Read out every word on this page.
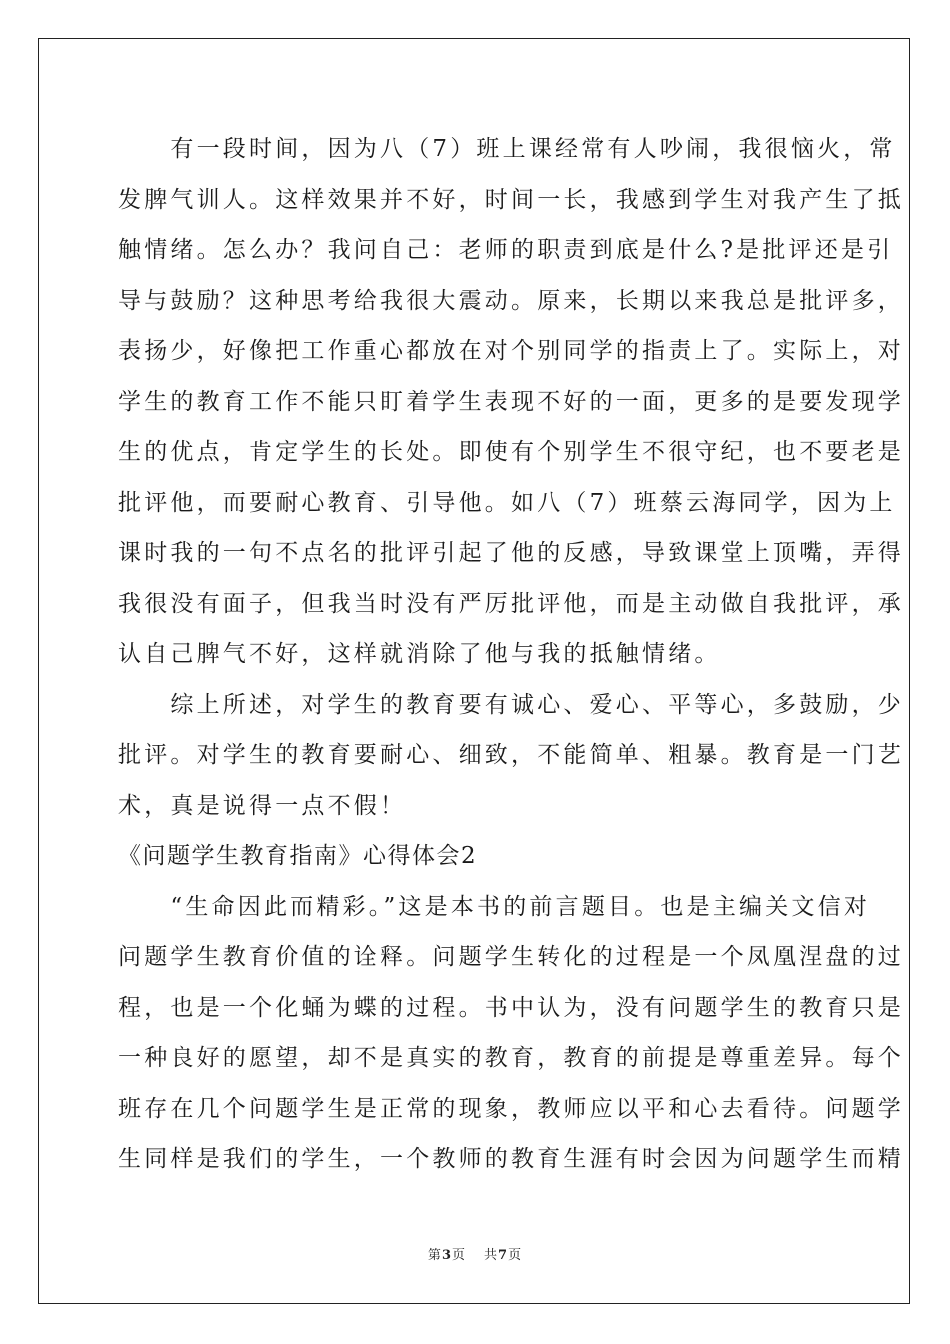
　　有一段时间，因为八（7）班上课经常有人吵闹，我很恼火，常
发脾气训人。这样效果并不好，时间一长，我感到学生对我产生了抵
触情绪。怎么办？我问自己：老师的职责到底是什么?是批评还是引
导与鼓励？这种思考给我很大震动。原来，长期以来我总是批评多，
表扬少，好像把工作重心都放在对个别同学的指责上了。实际上，对
学生的教育工作不能只盯着学生表现不好的一面，更多的是要发现学
生的优点，肯定学生的长处。即使有个别学生不很守纪，也不要老是
批评他，而要耐心教育、引导他。如八（7）班蔡云海同学，因为上
课时我的一句不点名的批评引起了他的反感，导致课堂上顶嘴，弄得
我很没有面子，但我当时没有严厉批评他，而是主动做自我批评，承
认自己脾气不好，这样就消除了他与我的抵触情绪。
　　综上所述，对学生的教育要有诚心、爱心、平等心，多鼓励，少
批评。对学生的教育要耐心、细致，不能简单、粗暴。教育是一门艺
术，真是说得一点不假！
《问题学生教育指南》心得体会2
　　“生命因此而精彩。”这是本书的前言题目。也是主编关文信对
问题学生教育价值的诠释。问题学生转化的过程是一个凤凰涅盘的过
程，也是一个化蛹为蝶的过程。书中认为，没有问题学生的教育只是
一种良好的愿望，却不是真实的教育，教育的前提是尊重差异。每个
班存在几个问题学生是正常的现象，教师应以平和心去看待。问题学
生同样是我们的学生，一个教师的教育生涯有时会因为问题学生而精
第3页 共7页
